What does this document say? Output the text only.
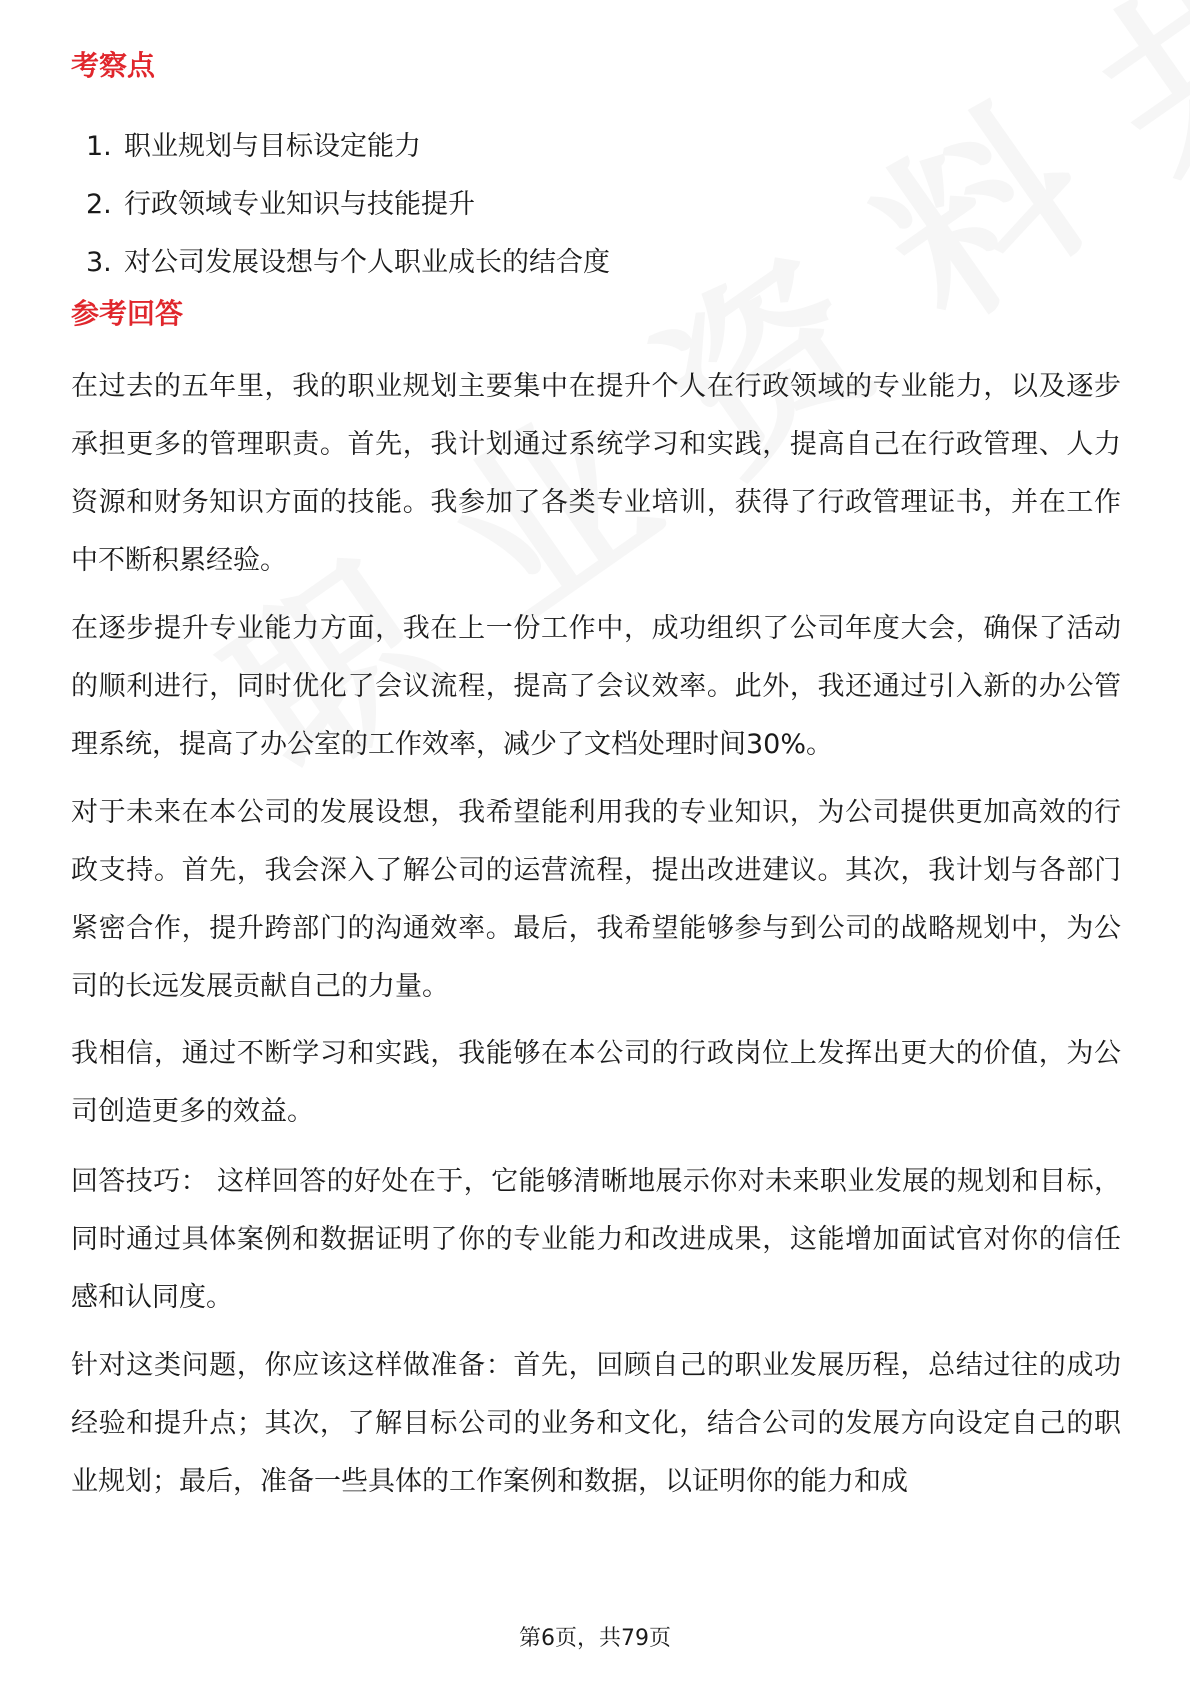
考察点
1. 职业规划与目标设定能力
2. 行政领域专业知识与技能提升
3. 对公司发展设想与个人职业成长的结合度
参考回答

在过去的五年里，我的职业规划主要集中在提升个人在行政领域的专业能力，以及逐步承担更多的管理职责。首先，我计划通过系统学习和实践，提高自己在行政管理、人力资源和财务知识方面的技能。我参加了各类专业培训，获得了行政管理证书，并在工作中不断积累经验。

在逐步提升专业能力方面，我在上一份工作中，成功组织了公司年度大会，确保了活动的顺利进行，同时优化了会议流程，提高了会议效率。此外，我还通过引入新的办公管理系统，提高了办公室的工作效率，减少了文档处理时间30%。

对于未来在本公司的发展设想，我希望能利用我的专业知识，为公司提供更加高效的行政支持。首先，我会深入了解公司的运营流程，提出改进建议。其次，我计划与各部门紧密合作，提升跨部门的沟通效率。最后，我希望能够参与到公司的战略规划中，为公司的长远发展贡献自己的力量。

我相信，通过不断学习和实践，我能够在本公司的行政岗位上发挥出更大的价值，为公司创造更多的效益。

回答技巧： 这样回答的好处在于，它能够清晰地展示你对未来职业发展的规划和目标，同时通过具体案例和数据证明了你的专业能力和改进成果，这能增加面试官对你的信任感和认同度。

针对这类问题，你应该这样做准备：首先，回顾自己的职业发展历程，总结过往的成功经验和提升点；其次，了解目标公司的业务和文化，结合公司的发展方向设定自己的职业规划；最后，准备一些具体的工作案例和数据，以证明你的能力和成

第6页，共79页
